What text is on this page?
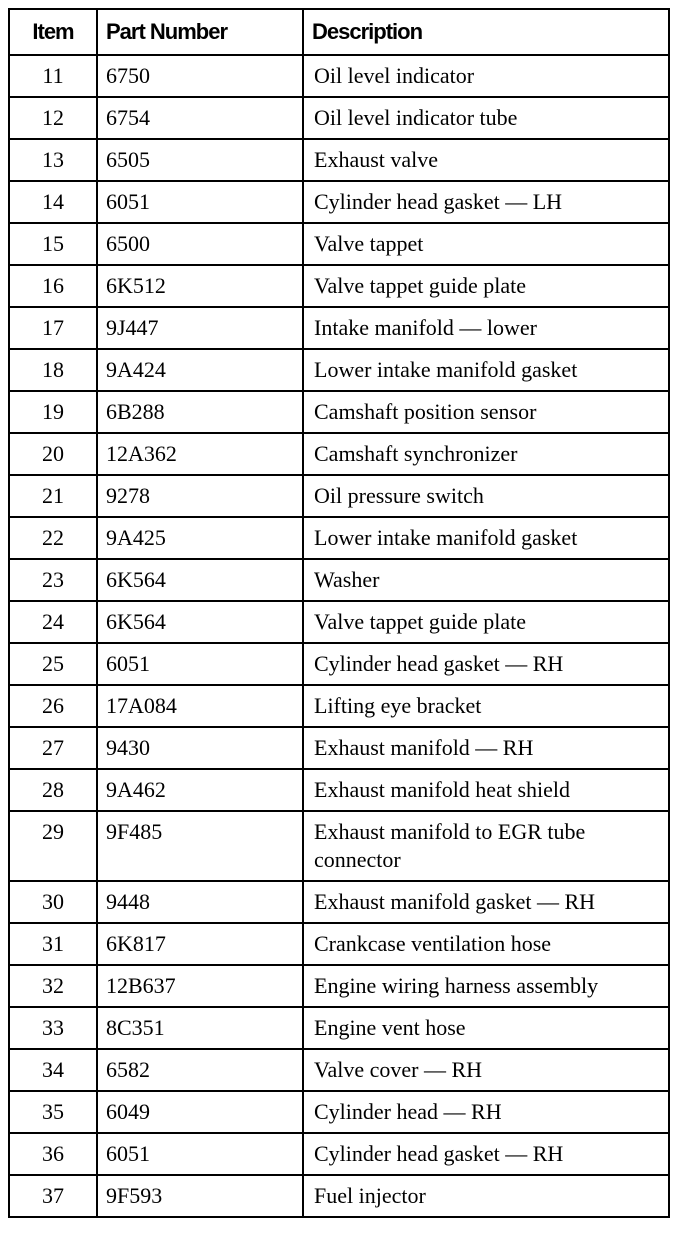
Item	Part Number	Description
11	6750	Oil level indicator
12	6754	Oil level indicator tube
13	6505	Exhaust valve
14	6051	Cylinder head gasket — LH
15	6500	Valve tappet
16	6K512	Valve tappet guide plate
17	9J447	Intake manifold — lower
18	9A424	Lower intake manifold gasket
19	6B288	Camshaft position sensor
20	12A362	Camshaft synchronizer
21	9278	Oil pressure switch
22	9A425	Lower intake manifold gasket
23	6K564	Washer
24	6K564	Valve tappet guide plate
25	6051	Cylinder head gasket — RH
26	17A084	Lifting eye bracket
27	9430	Exhaust manifold — RH
28	9A462	Exhaust manifold heat shield
29	9F485	Exhaust manifold to EGR tube connector
30	9448	Exhaust manifold gasket — RH
31	6K817	Crankcase ventilation hose
32	12B637	Engine wiring harness assembly
33	8C351	Engine vent hose
34	6582	Valve cover — RH
35	6049	Cylinder head — RH
36	6051	Cylinder head gasket — RH
37	9F593	Fuel injector
